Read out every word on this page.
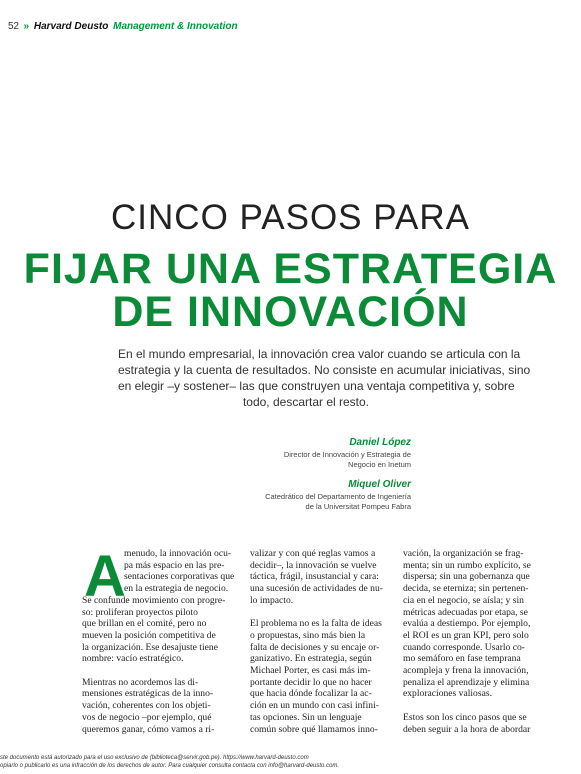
52 » Harvard Deusto Management & Innovation
CINCO PASOS PARA
FIJAR UNA ESTRATEGIA
DE INNOVACIÓN
En el mundo empresarial, la innovación crea valor cuando se articula con la
estrategia y la cuenta de resultados. No consiste en acumular iniciativas, sino
en elegir –y sostener– las que construyen una ventaja competitiva y, sobre
todo, descartar el resto.
Daniel López
Director de Innovación y Estrategia de
Negocio en Inetum
Miquel Oliver
Catedrático del Departamento de Ingeniería
de la Universitat Pompeu Fabra
A
menudo, la innovación ocu-
pa más espacio en las pre-
sentaciones corporativas que
en la estrategia de negocio.
Se confunde movimiento con progre-
so: proliferan proyectos piloto
que brillan en el comité, pero no
mueven la posición competitiva de
la organización. Ese desajuste tiene
nombre: vacío estratégico.
Mientras no acordemos las di-
mensiones estratégicas de la inno-
vación, coherentes con los objeti-
vos de negocio –por ejemplo, qué
queremos ganar, cómo vamos a ri-
valizar y con qué reglas vamos a
decidir–, la innovación se vuelve
táctica, frágil, insustancial y cara:
una sucesión de actividades de nu-
lo impacto.
El problema no es la falta de ideas
o propuestas, sino más bien la
falta de decisiones y su encaje or-
ganizativo. En estrategia, según
Michael Porter, es casi más im-
portante decidir lo que no hacer
que hacia dónde focalizar la ac-
ción en un mundo con casi infini-
tas opciones. Sin un lenguaje
común sobre qué llamamos inno-
vación, la organización se frag-
menta; sin un rumbo explícito, se
dispersa; sin una gobernanza que
decida, se eterniza; sin pertenen-
cia en el negocio, se aísla; y sin
métricas adecuadas por etapa, se
evalúa a destiempo. Por ejemplo,
el ROI es un gran KPI, pero solo
cuando corresponde. Usarlo co-
mo semáforo en fase temprana
acompleja y frena la innovación,
penaliza el aprendizaje y elimina
exploraciones valiosas.
Estos son los cinco pasos que se
deben seguir a la hora de abordar
ste documento está autorizado para el uso exclusivo de (biblioteca@servir.gob.pe). https://www.harvard-deusto.com
opiarlo o publicarlo es una infracción de los derechos de autor. Para cualquier consulta contacta con info@harvard-deusto.com.
